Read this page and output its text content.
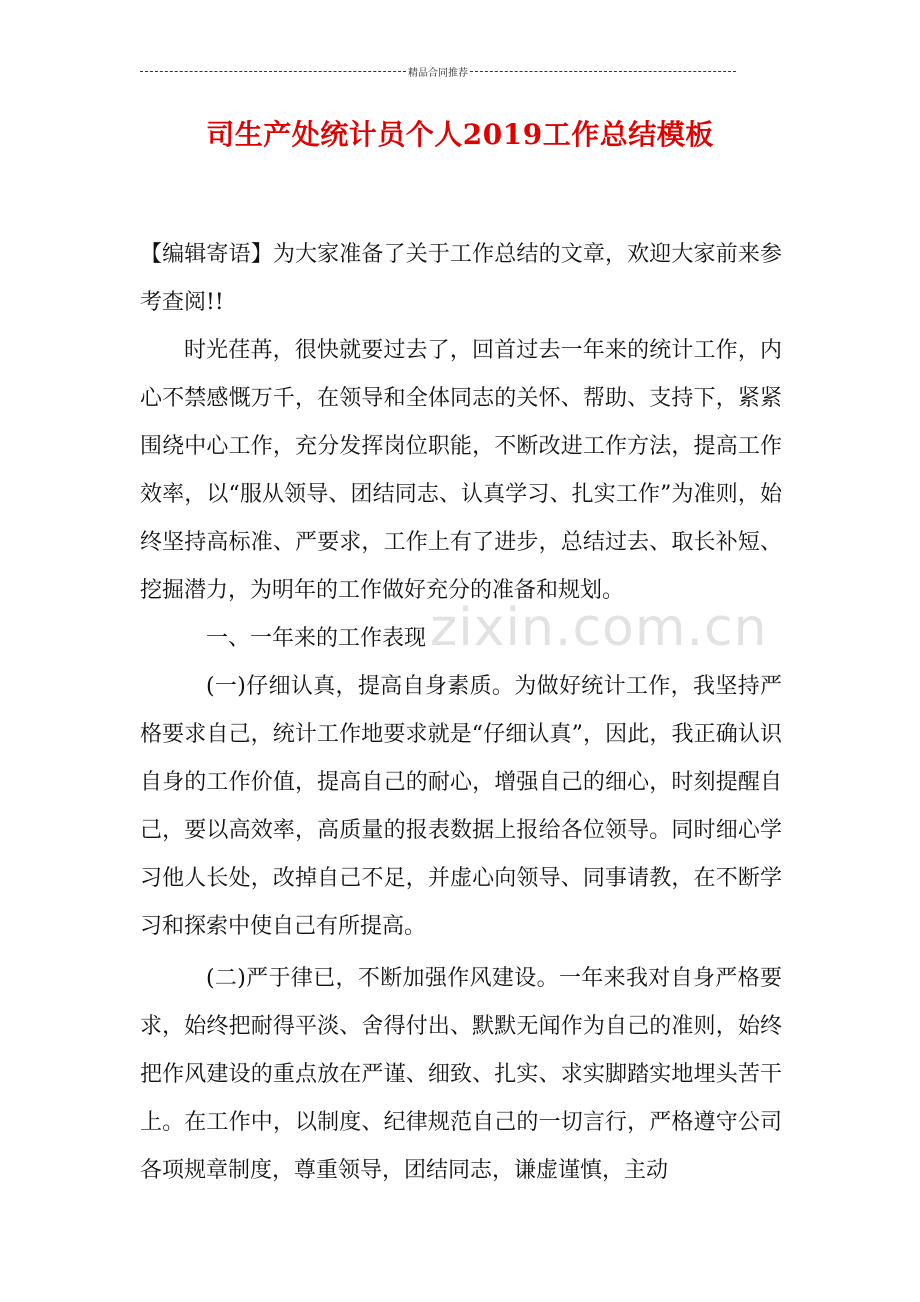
精品合同推荐
司生产处统计员个人2019工作总结模板

【编辑寄语】为大家准备了关于工作总结的文章，欢迎大家前来参考查阅!!

时光荏苒，很快就要过去了，回首过去一年来的统计工作，内心不禁感慨万千，在领导和全体同志的关怀、帮助、支持下，紧紧围绕中心工作，充分发挥岗位职能，不断改进工作方法，提高工作效率，以“服从领导、团结同志、认真学习、扎实工作”为准则，始终坚持高标准、严要求，工作上有了进步，总结过去、取长补短、挖掘潜力，为明年的工作做好充分的准备和规划。

一、一年来的工作表现

(一)仔细认真，提高自身素质。为做好统计工作，我坚持严格要求自己，统计工作地要求就是“仔细认真”，因此，我正确认识自身的工作价值，提高自己的耐心，增强自己的细心，时刻提醒自己，要以高效率，高质量的报表数据上报给各位领导。同时细心学习他人长处，改掉自己不足，并虚心向领导、同事请教，在不断学习和探索中使自己有所提高。

(二)严于律已，不断加强作风建设。一年来我对自身严格要求，始终把耐得平淡、舍得付出、默默无闻作为自己的准则，始终把作风建设的重点放在严谨、细致、扎实、求实脚踏实地埋头苦干上。在工作中，以制度、纪律规范自己的一切言行，严格遵守公司各项规章制度，尊重领导，团结同志，谦虚谨慎，主动

zixin.com.cn
